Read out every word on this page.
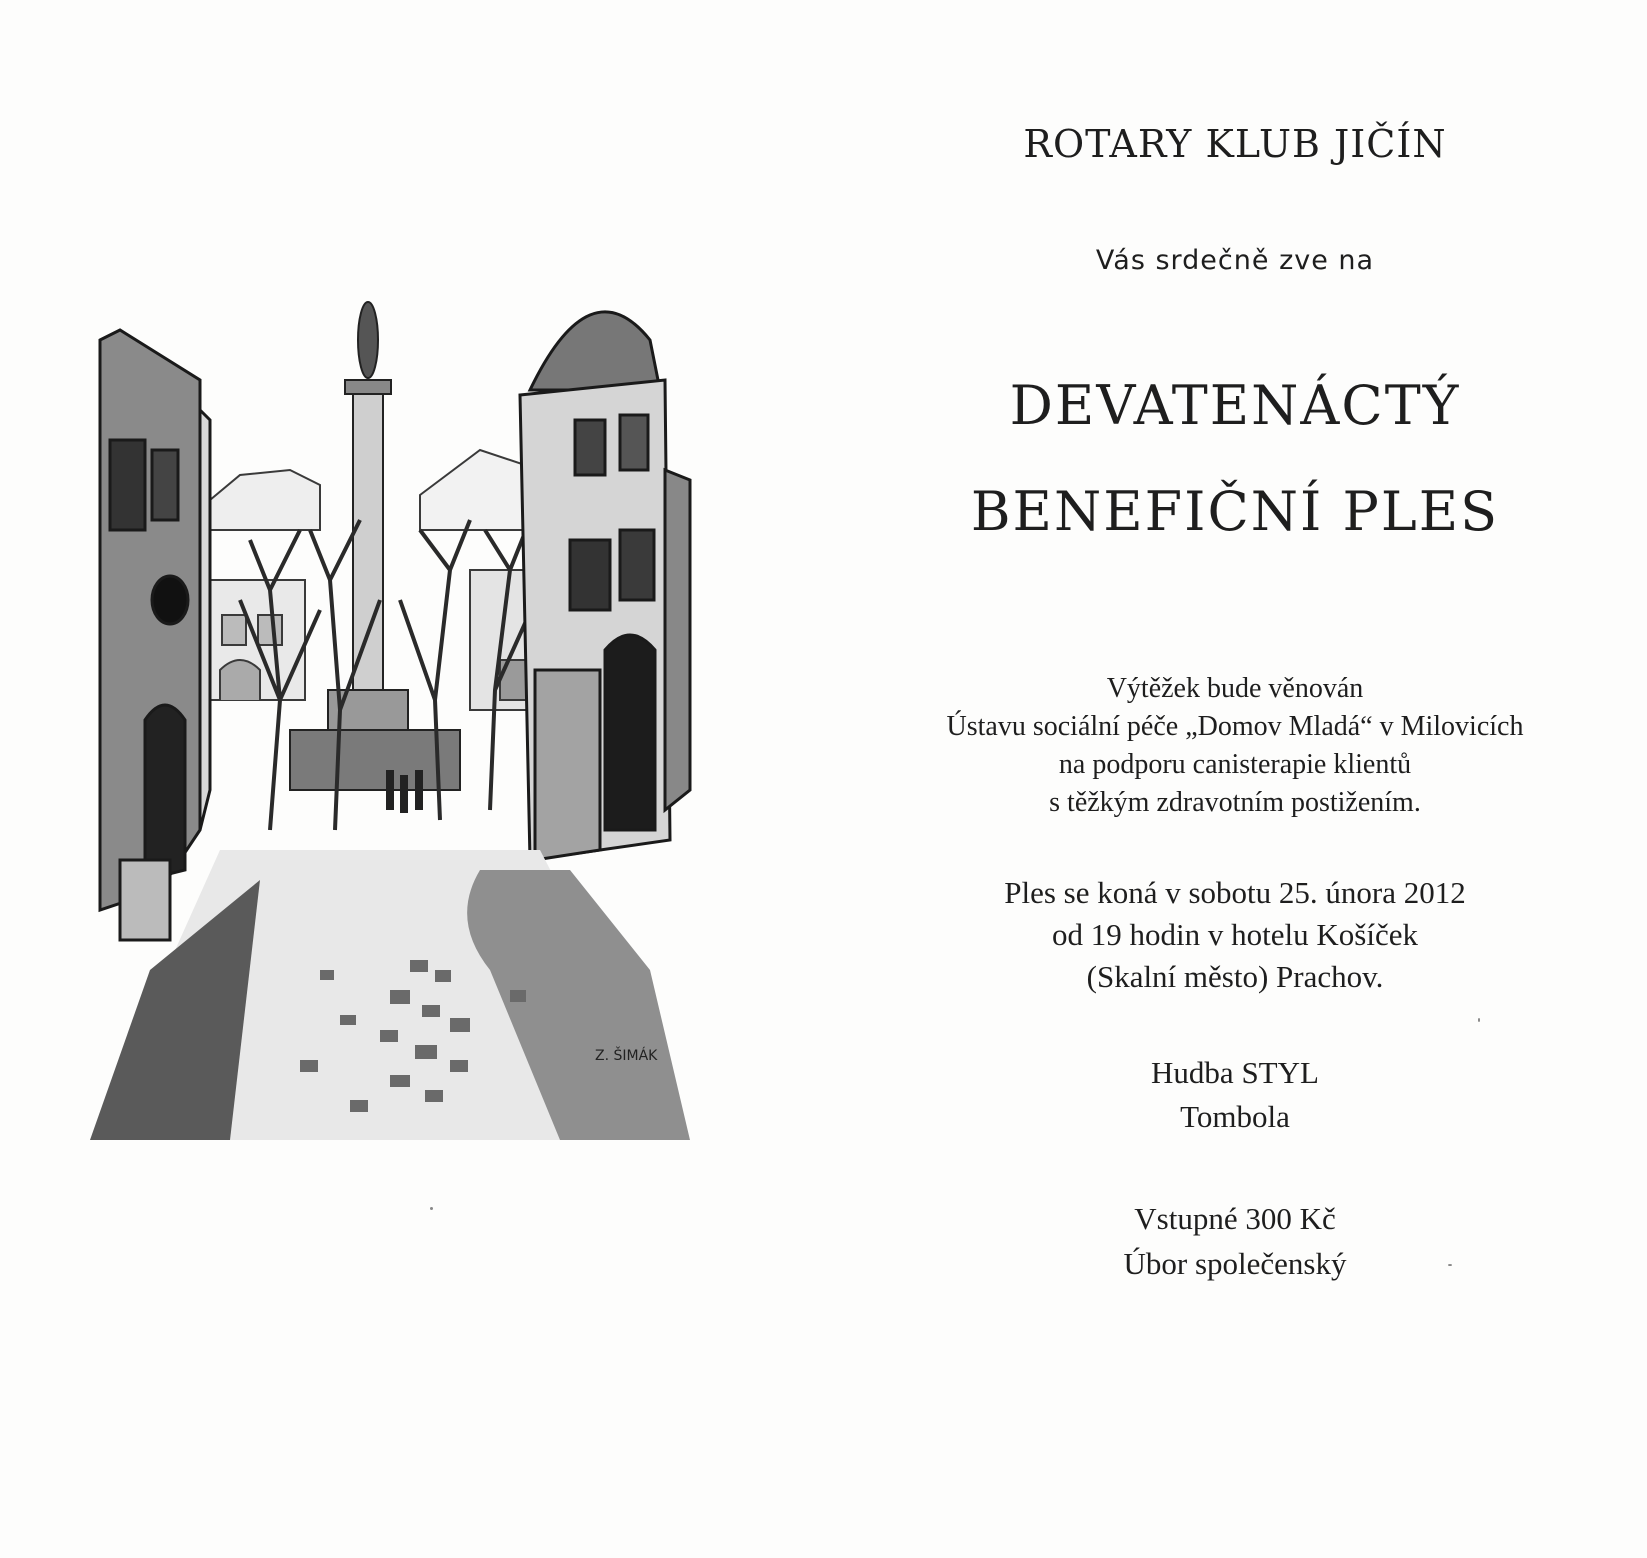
Z. ŠIMÁK
ROTARY KLUB JIČÍN
Vás srdečně zve na
DEVATENÁCTÝ
BENEFIČNÍ PLES
Výtěžek bude věnován
Ústavu sociální péče „Domov Mladá“ v Milovicích
na podporu canisterapie klientů
s těžkým zdravotním postižením.
Ples se koná v sobotu 25. února 2012
od 19 hodin v hotelu Košíček
(Skalní město) Prachov.
Hudba STYL
Tombola
Vstupné 300 Kč
Úbor společenský
